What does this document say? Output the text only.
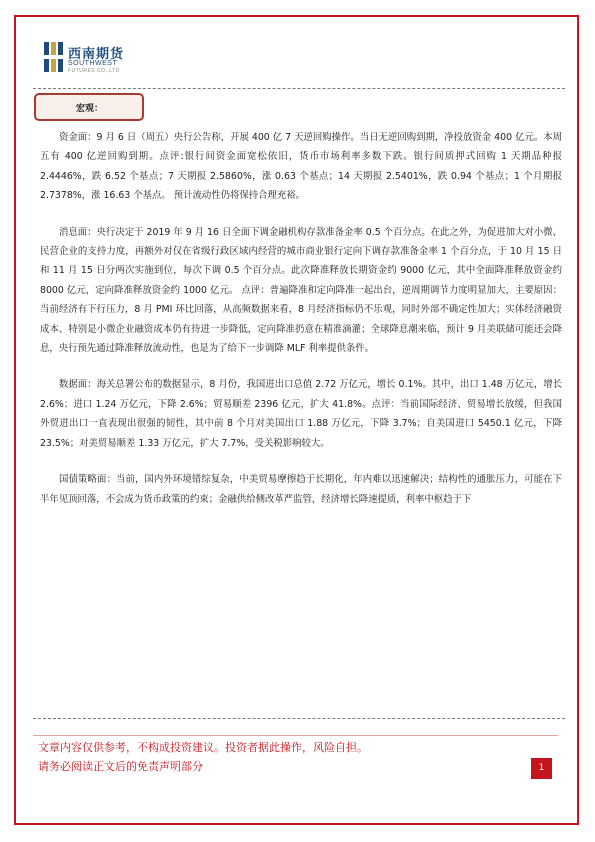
西南期货
SOUTHWEST
FUTURES CO.,LTD
宏观：

资金面：9 月 6 日（周五）央行公告称，开展 400 亿 7 天逆回购操作。当日无逆回购到期，净投放资金 400 亿元。本周五有 400 亿逆回购到期。点评:银行间资金面宽松依旧，货币市场利率多数下跌。银行间质押式回购 1 天期品种报 2.4446%，跌 6.52 个基点；7 天期报 2.5860%，涨 0.63 个基点；14 天期报 2.5401%，跌 0.94 个基点；1 个月期报 2.7378%，涨 16.63 个基点。 预计流动性仍将保持合理充裕。

消息面：央行决定于 2019 年 9 月 16 日全面下调金融机构存款准备金率 0.5 个百分点。在此之外，为促进加大对小微、民营企业的支持力度，再额外对仅在省级行政区域内经营的城市商业银行定向下调存款准备金率 1 个百分点，于 10 月 15 日和 11 月 15 日分两次实施到位，每次下调 0.5 个百分点。此次降准释放长期资金约 9000 亿元，其中全面降准释放资金约 8000 亿元，定向降准释放资金约 1000 亿元。 点评：普遍降准和定向降准一起出台，逆周期调节力度明显加大，主要原因：当前经济有下行压力，8 月 PMI 环比回落，从高频数据来看，8 月经济指标仍不乐观，同时外部不确定性加大；实体经济融资成本、特别是小微企业融资成本仍有待进一步降低，定向降准扔意在精准滴灌；全球降息潮来临，预计 9 月美联储可能还会降息，央行预先通过降准释放流动性，也是为了给下一步调降 MLF 利率提供条件。

数据面：海关总署公布的数据显示，8 月份，我国进出口总值 2.72 万亿元，增长 0.1%。其中，出口 1.48 万亿元，增长 2.6%；进口 1.24 万亿元，下降 2.6%；贸易顺差 2396 亿元，扩大 41.8%。点评：当前国际经济、贸易增长放缓，但我国外贸进出口一直表现出很强的韧性，其中前 8 个月对美国出口 1.88 万亿元，下降 3.7%；自美国进口 5450.1 亿元，下降 23.5%；对美贸易顺差 1.33 万亿元，扩大 7.7%，受关税影响较大。

国债策略面：当前，国内外环境错综复杂，中美贸易摩擦趋于长期化，年内难以迅速解决；结构性的通胀压力，可能在下半年见顶回落，不会成为货币政策的约束；金融供给侧改革严监管，经济增长降速提质，利率中枢趋于下

文章内容仅供参考，不构成投资建议。投资者据此操作，风险自担。
请务必阅读正文后的免责声明部分	1
